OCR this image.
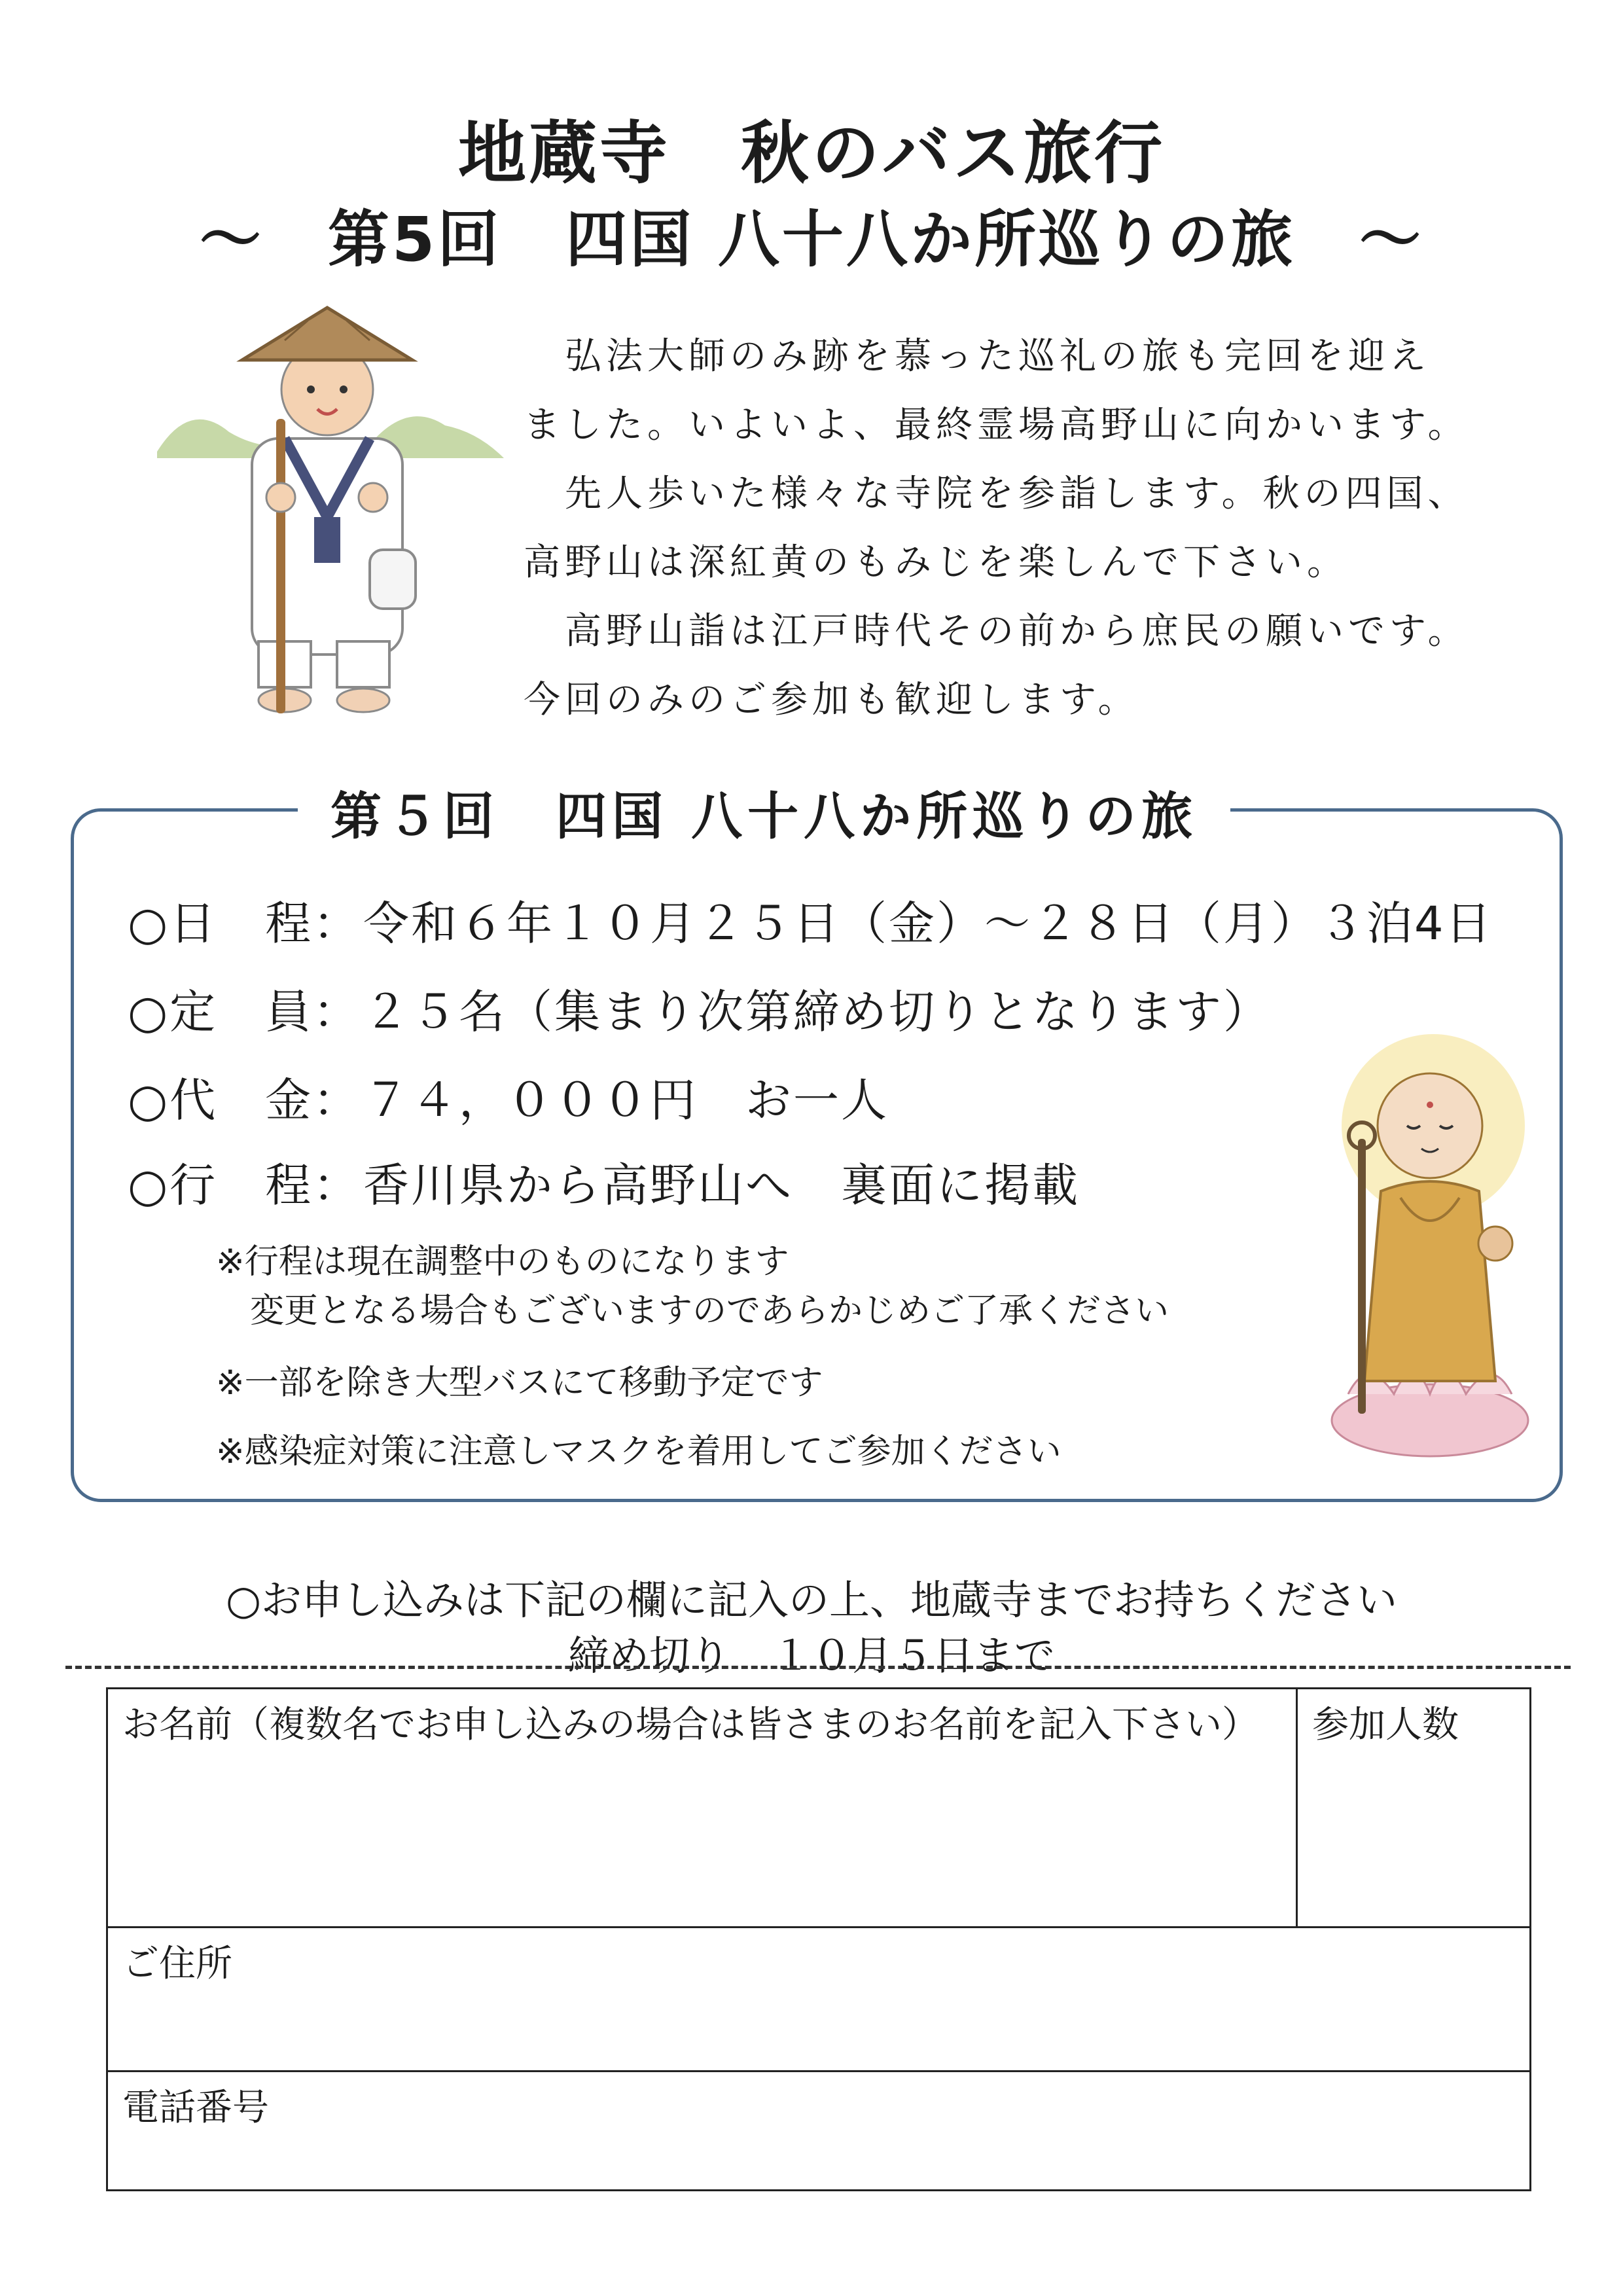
地蔵寺　秋のバス旅行
～　第5回　四国 八十八か所巡りの旅　～
　弘法大師のみ跡を慕った巡礼の旅も完回を迎え
ました。いよいよ、最終霊場高野山に向かいます。
　先人歩いた様々な寺院を参詣します。秋の四国、
高野山は深紅黄のもみじを楽しんで下さい。
　高野山詣は江戸時代その前から庶民の願いです。
今回のみのご参加も歓迎します。
第５回　四国 八十八か所巡りの旅
○日　程：令和６年１０月２５日（金）～２８日（月）３泊4日
○定　員：２５名（集まり次第締め切りとなります）
○代　金：７４，０００円　お一人
○行　程：香川県から高野山へ　裏面に掲載
※行程は現在調整中のものになります
　変更となる場合もございますのであらかじめご了承ください
※一部を除き大型バスにて移動予定です
※感染症対策に注意しマスクを着用してご参加ください
○お申し込みは下記の欄に記入の上、地蔵寺までお持ちください
締め切り　１０月５日まで
お名前（複数名でお申し込みの場合は皆さまのお名前を記入下さい） 参加人数
ご住所
電話番号
